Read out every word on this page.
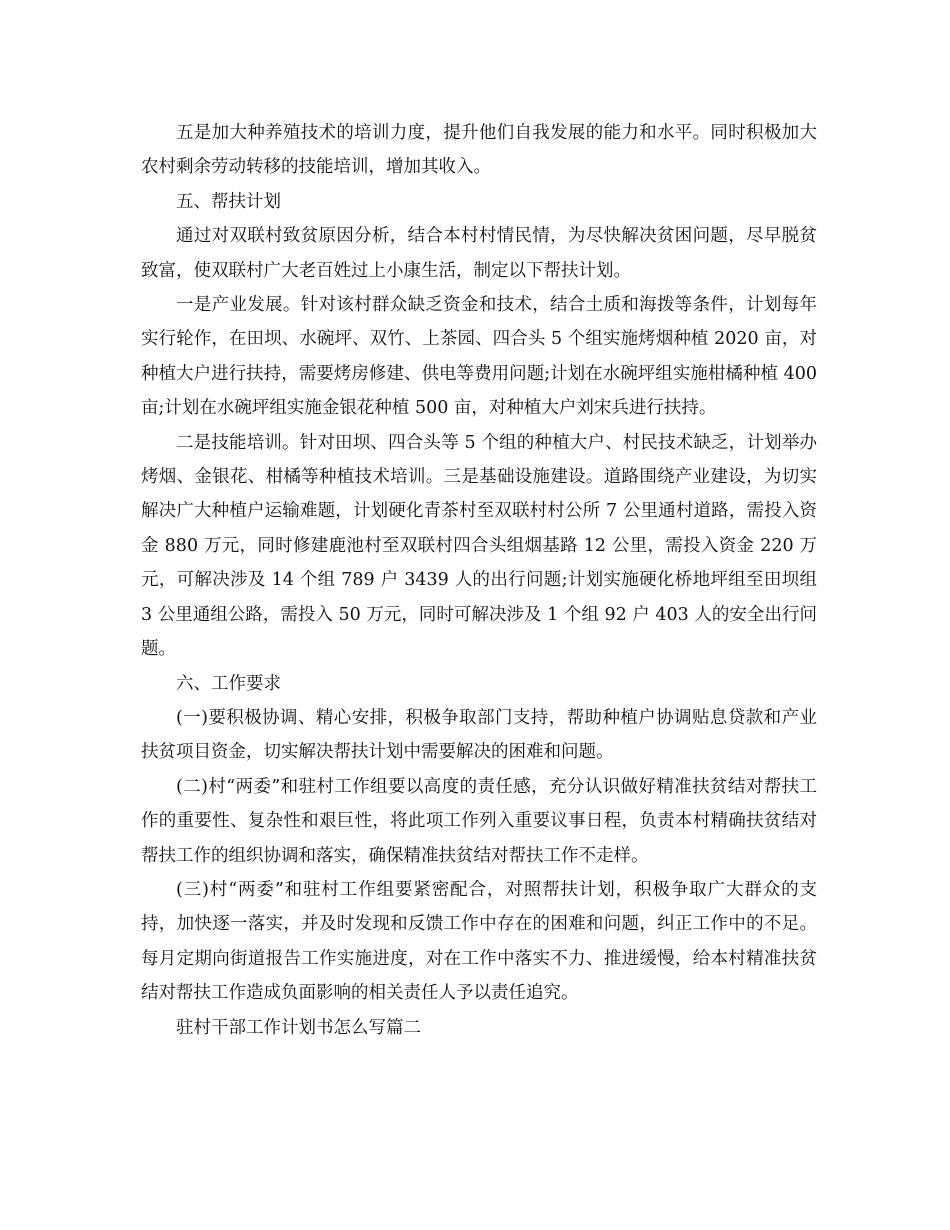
五是加大种养殖技术的培训力度，提升他们自我发展的能力和水平。同时积极加大农村剩余劳动转移的技能培训，增加其收入。

五、帮扶计划

通过对双联村致贫原因分析，结合本村村情民情，为尽快解决贫困问题，尽早脱贫致富，使双联村广大老百姓过上小康生活，制定以下帮扶计划。

一是产业发展。针对该村群众缺乏资金和技术，结合土质和海拨等条件，计划每年实行轮作，在田坝、水碗坪、双竹、上茶园、四合头 5 个组实施烤烟种植 2020 亩，对种植大户进行扶持，需要烤房修建、供电等费用问题;计划在水碗坪组实施柑橘种植 400 亩;计划在水碗坪组实施金银花种植 500 亩，对种植大户刘宋兵进行扶持。

二是技能培训。针对田坝、四合头等 5 个组的种植大户、村民技术缺乏，计划举办烤烟、金银花、柑橘等种植技术培训。三是基础设施建设。道路围绕产业建设，为切实解决广大种植户运输难题，计划硬化青茶村至双联村村公所 7 公里通村道路，需投入资金 880 万元，同时修建鹿池村至双联村四合头组烟基路 12 公里，需投入资金 220 万元，可解决涉及 14 个组 789 户 3439 人的出行问题;计划实施硬化桥地坪组至田坝组 3 公里通组公路，需投入 50 万元，同时可解决涉及 1 个组 92 户 403 人的安全出行问题。

六、工作要求

(一)要积极协调、精心安排，积极争取部门支持，帮助种植户协调贴息贷款和产业扶贫项目资金，切实解决帮扶计划中需要解决的困难和问题。

(二)村“两委”和驻村工作组要以高度的责任感，充分认识做好精准扶贫结对帮扶工作的重要性、复杂性和艰巨性，将此项工作列入重要议事日程，负责本村精确扶贫结对帮扶工作的组织协调和落实，确保精准扶贫结对帮扶工作不走样。

(三)村“两委”和驻村工作组要紧密配合，对照帮扶计划，积极争取广大群众的支持，加快逐一落实，并及时发现和反馈工作中存在的困难和问题，纠正工作中的不足。每月定期向街道报告工作实施进度，对在工作中落实不力、推进缓慢，给本村精准扶贫结对帮扶工作造成负面影响的相关责任人予以责任追究。

驻村干部工作计划书怎么写篇二
